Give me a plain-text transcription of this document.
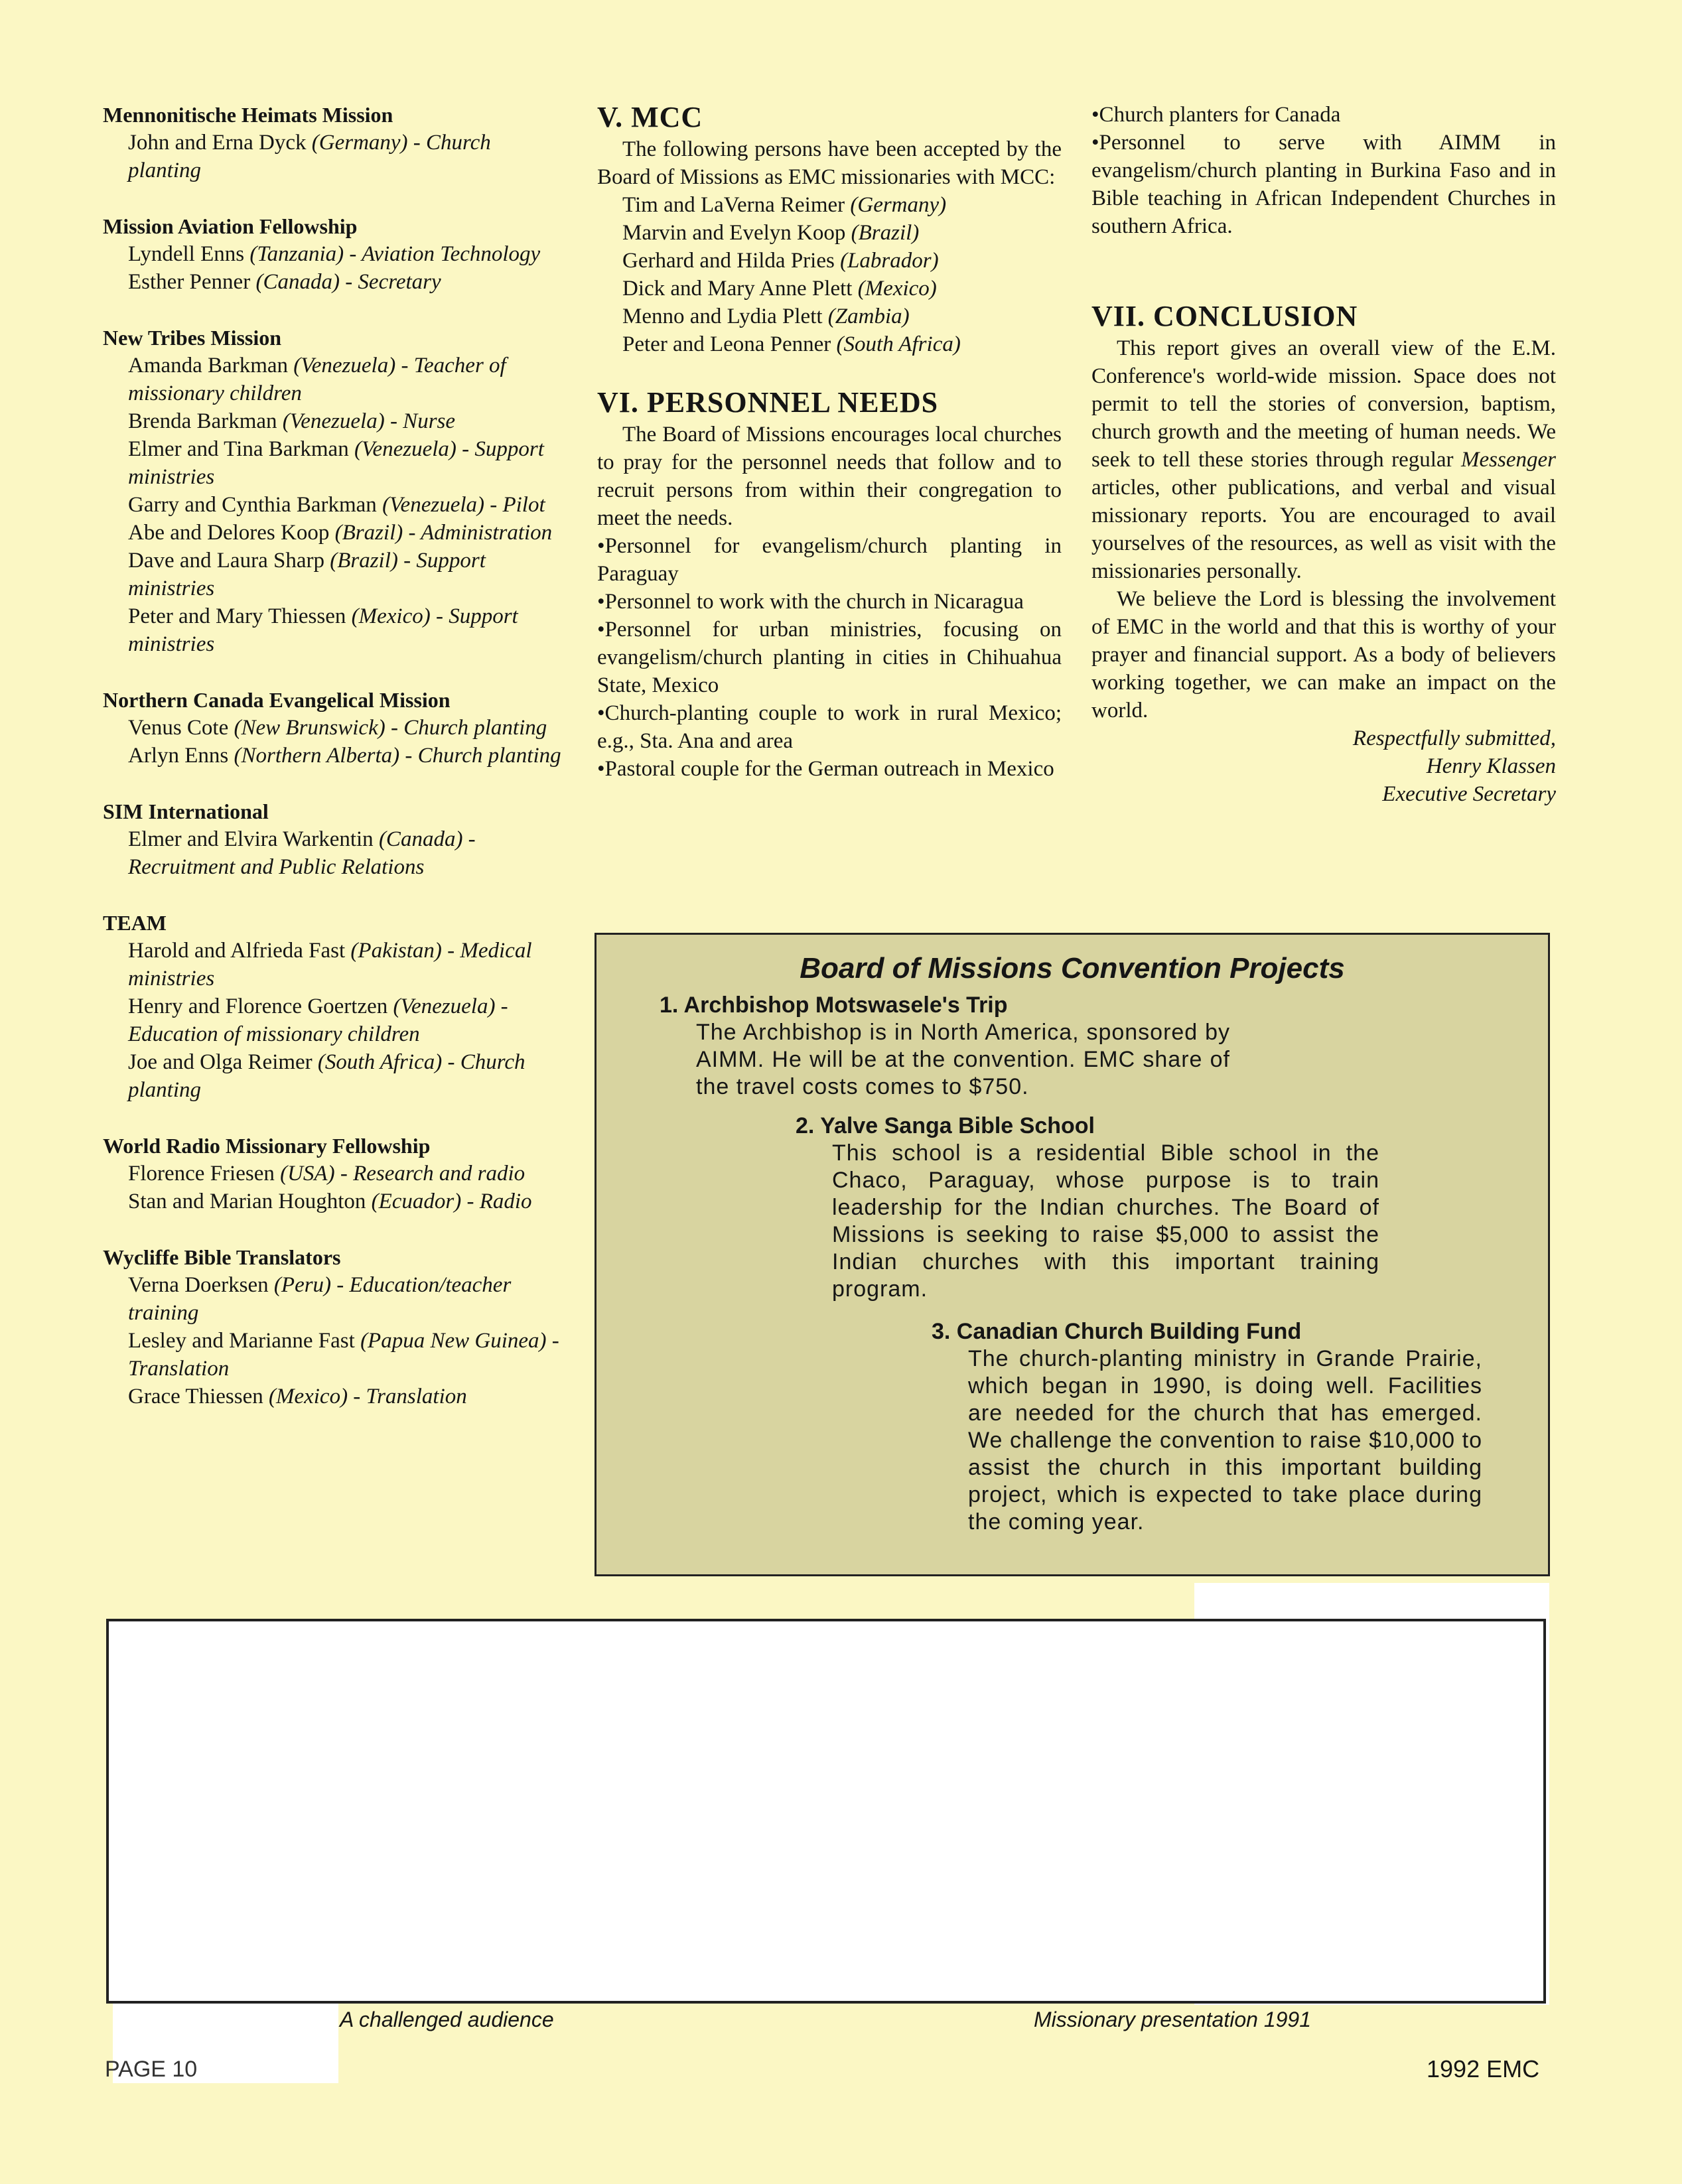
Mennonitische Heimats Mission
John and Erna Dyck (Germany) - Church planting
Mission Aviation Fellowship
Lyndell Enns (Tanzania) - Aviation Technology
Esther Penner (Canada) - Secretary
New Tribes Mission
Amanda Barkman (Venezuela) - Teacher of missionary children
Brenda Barkman (Venezuela) - Nurse
Elmer and Tina Barkman (Venezuela) - Support ministries
Garry and Cynthia Barkman (Venezuela) - Pilot
Abe and Delores Koop (Brazil) - Administration
Dave and Laura Sharp (Brazil) - Support ministries
Peter and Mary Thiessen (Mexico) - Support ministries
Northern Canada Evangelical Mission
Venus Cote (New Brunswick) - Church planting
Arlyn Enns (Northern Alberta) - Church planting
SIM International
Elmer and Elvira Warkentin (Canada) - Recruitment and Public Relations
TEAM
Harold and Alfrieda Fast (Pakistan) - Medical ministries
Henry and Florence Goertzen (Venezuela) - Education of missionary children
Joe and Olga Reimer (South Africa) - Church planting
World Radio Missionary Fellowship
Florence Friesen (USA) - Research and radio
Stan and Marian Houghton (Ecuador) - Radio
Wycliffe Bible Translators
Verna Doerksen (Peru) - Education/teacher training
Lesley and Marianne Fast (Papua New Guinea) - Translation
Grace Thiessen (Mexico) - Translation
V. MCC
The following persons have been accepted by the Board of Missions as EMC missionaries with MCC:
Tim and LaVerna Reimer (Germany)
Marvin and Evelyn Koop (Brazil)
Gerhard and Hilda Pries (Labrador)
Dick and Mary Anne Plett (Mexico)
Menno and Lydia Plett (Zambia)
Peter and Leona Penner (South Africa)
VI. PERSONNEL NEEDS
The Board of Missions encourages local churches to pray for the personnel needs that follow and to recruit persons from within their congregation to meet the needs.
•Personnel for evangelism/church planting in Paraguay
•Personnel to work with the church in Nicaragua
•Personnel for urban ministries, focusing on evangelism/church planting in cities in Chihuahua State, Mexico
•Church-planting couple to work in rural Mexico; e.g., Sta. Ana and area
•Pastoral couple for the German outreach in Mexico
•Church planters for Canada
•Personnel to serve with AIMM in evangelism/church planting in Burkina Faso and in Bible teaching in African Independent Churches in southern Africa.
VII. CONCLUSION
This report gives an overall view of the E.M. Conference's world-wide mission. Space does not permit to tell the stories of conversion, baptism, church growth and the meeting of human needs. We seek to tell these stories through regular Messenger articles, other publications, and verbal and visual missionary reports. You are encouraged to avail yourselves of the resources, as well as visit with the missionaries personally.
We believe the Lord is blessing the involvement of EMC in the world and that this is worthy of your prayer and financial support. As a body of believers working together, we can make an impact on the world.
Respectfully submitted,
Henry Klassen
Executive Secretary
Board of Missions Convention Projects
1. Archbishop Motswasele's Trip
The Archbishop is in North America, sponsored by AIMM. He will be at the convention. EMC share of the travel costs comes to $750.
2. Yalve Sanga Bible School
This school is a residential Bible school in the Chaco, Paraguay, whose purpose is to train leadership for the Indian churches. The Board of Missions is seeking to raise $5,000 to assist the Indian churches with this important training program.
3. Canadian Church Building Fund
The church-planting ministry in Grande Prairie, which began in 1990, is doing well. Facilities are needed for the church that has emerged. We challenge the convention to raise $10,000 to assist the church in this important building project, which is expected to take place during the coming year.
A challenged audience	Missionary presentation 1991
PAGE 10	1992 EMC
